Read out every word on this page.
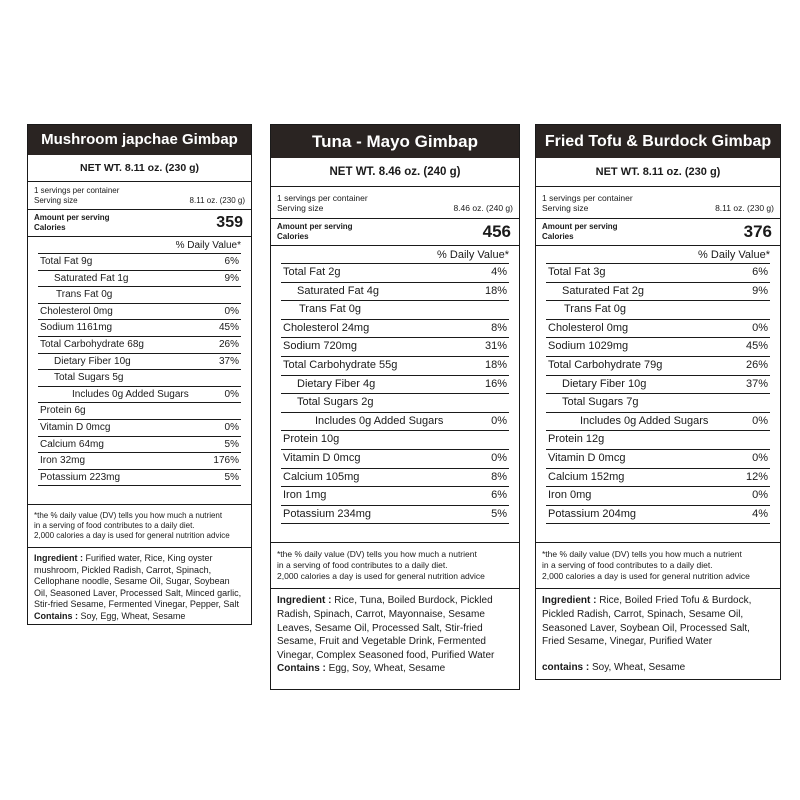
Mushroom japchae Gimbap
NET WT. 8.11 oz. (230 g)
1 servings per container
Serving size	8.11 oz. (230 g)
Amount per serving
Calories	359
% Daily Value*
Total Fat 9g	6%
Saturated Fat 1g	9%
Trans Fat 0g
Cholesterol 0mg	0%
Sodium 1161mg	45%
Total Carbohydrate 68g	26%
Dietary Fiber 10g	37%
Total Sugars 5g
Includes 0g Added Sugars	0%
Protein 6g
Vitamin D 0mcg	0%
Calcium 64mg	5%
Iron 32mg	176%
Potassium 223mg	5%
*the % daily value (DV) tells you how much a nutrient
in a serving of food contributes to a daily diet.
2,000 calories a day is used for general nutrition advice
Ingredient : Furified water, Rice, King oyster mushroom, Pickled Radish, Carrot, Spinach, Cellophane noodle, Sesame Oil, Sugar, Soybean Oil, Seasoned Laver, Processed Salt, Minced garlic, Stir-fried Sesame, Fermented Vinegar, Pepper, Salt
Contains : Soy, Egg, Wheat, Sesame
Tuna - Mayo Gimbap
NET WT. 8.46 oz. (240 g)
1 servings per container
Serving size	8.46 oz. (240 g)
Amount per serving
Calories	456
% Daily Value*
Total Fat 2g	4%
Saturated Fat 4g	18%
Trans Fat 0g
Cholesterol 24mg	8%
Sodium 720mg	31%
Total Carbohydrate 55g	18%
Dietary Fiber 4g	16%
Total Sugars 2g
Includes 0g Added Sugars	0%
Protein 10g
Vitamin D 0mcg	0%
Calcium 105mg	8%
Iron 1mg	6%
Potassium 234mg	5%
*the % daily value (DV) tells you how much a nutrient
in a serving of food contributes to a daily diet.
2,000 calories a day is used for general nutrition advice
Ingredient : Rice, Tuna, Boiled Burdock, Pickled Radish, Spinach, Carrot, Mayonnaise, Sesame Leaves, Sesame Oil, Processed Salt, Stir-fried Sesame, Fruit and Vegetable Drink, Fermented Vinegar, Complex Seasoned food, Purified Water
Contains : Egg, Soy, Wheat, Sesame
Fried Tofu & Burdock Gimbap
NET WT. 8.11 oz. (230 g)
1 servings per container
Serving size	8.11 oz. (230 g)
Amount per serving
Calories	376
% Daily Value*
Total Fat 3g	6%
Saturated Fat 2g	9%
Trans Fat 0g
Cholesterol 0mg	0%
Sodium 1029mg	45%
Total Carbohydrate 79g	26%
Dietary Fiber 10g	37%
Total Sugars 7g
Includes 0g Added Sugars	0%
Protein 12g
Vitamin D 0mcg	0%
Calcium 152mg	12%
Iron 0mg	0%
Potassium 204mg	4%
*the % daily value (DV) tells you how much a nutrient
in a serving of food contributes to a daily diet.
2,000 calories a day is used for general nutrition advice
Ingredient : Rice, Boiled Fried Tofu & Burdock, Pickled Radish, Carrot, Spinach, Sesame Oil, Seasoned Laver, Soybean Oil, Processed Salt, Fried Sesame, Vinegar, Purified Water
contains : Soy, Wheat, Sesame
